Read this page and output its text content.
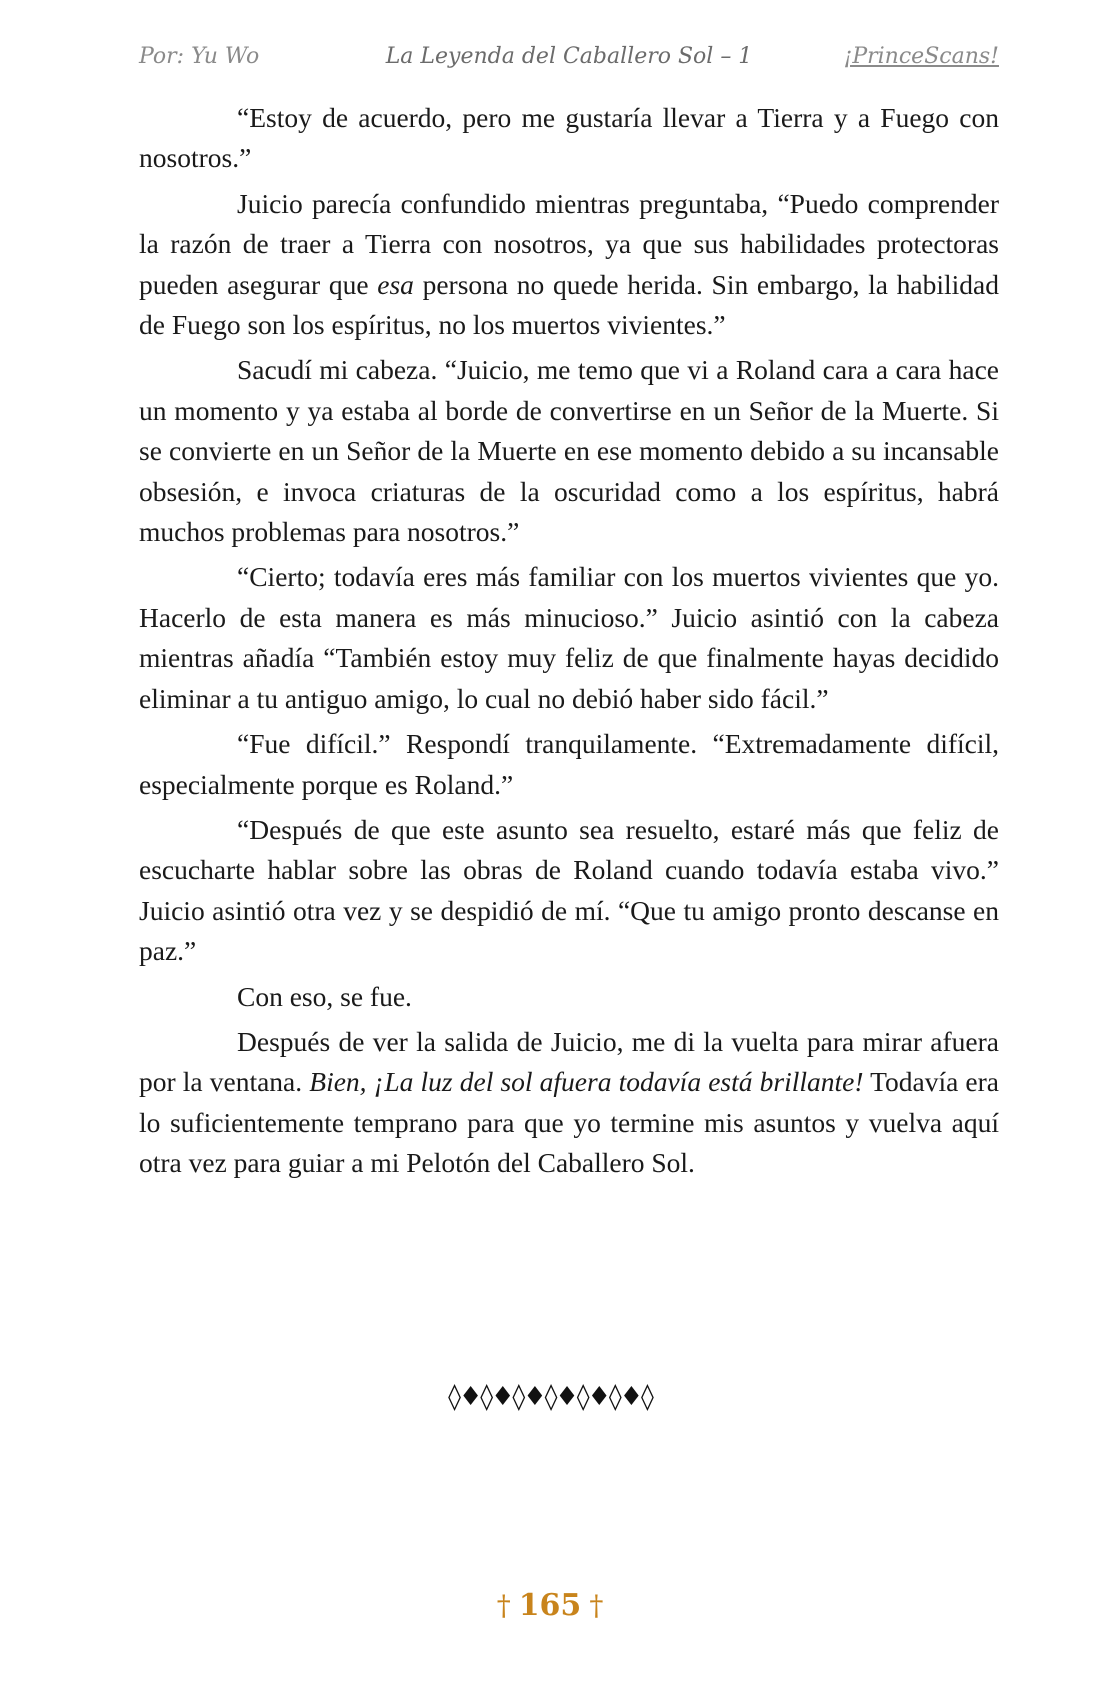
Por: Yu Wo	La Leyenda del Caballero Sol – 1	¡PrinceScans!

“Estoy de acuerdo, pero me gustaría llevar a Tierra y a Fuego con nosotros.”

Juicio parecía confundido mientras preguntaba, “Puedo comprender la razón de traer a Tierra con nosotros, ya que sus habilidades protectoras pueden asegurar que esa persona no quede herida. Sin embargo, la habilidad de Fuego son los espíritus, no los muertos vivientes.”

Sacudí mi cabeza. “Juicio, me temo que vi a Roland cara a cara hace un momento y ya estaba al borde de convertirse en un Señor de la Muerte. Si se convierte en un Señor de la Muerte en ese momento debido a su incansable obsesión, e invoca criaturas de la oscuridad como a los espíritus, habrá muchos problemas para nosotros.”

“Cierto; todavía eres más familiar con los muertos vivientes que yo. Hacerlo de esta manera es más minucioso.” Juicio asintió con la cabeza mientras añadía “También estoy muy feliz de que finalmente hayas decidido eliminar a tu antiguo amigo, lo cual no debió haber sido fácil.”

“Fue difícil.” Respondí tranquilamente. “Extremadamente difícil, especialmente porque es Roland.”

“Después de que este asunto sea resuelto, estaré más que feliz de escucharte hablar sobre las obras de Roland cuando todavía estaba vivo.” Juicio asintió otra vez y se despidió de mí. “Que tu amigo pronto descanse en paz.”

Con eso, se fue.

Después de ver la salida de Juicio, me di la vuelta para mirar afuera por la ventana. Bien, ¡La luz del sol afuera todavía está brillante! Todavía era lo suficientemente temprano para que yo termine mis asuntos y vuelva aquí otra vez para guiar a mi Pelotón del Caballero Sol.

◊♦◊♦◊♦◊♦◊♦◊♦◊
† 165 †
